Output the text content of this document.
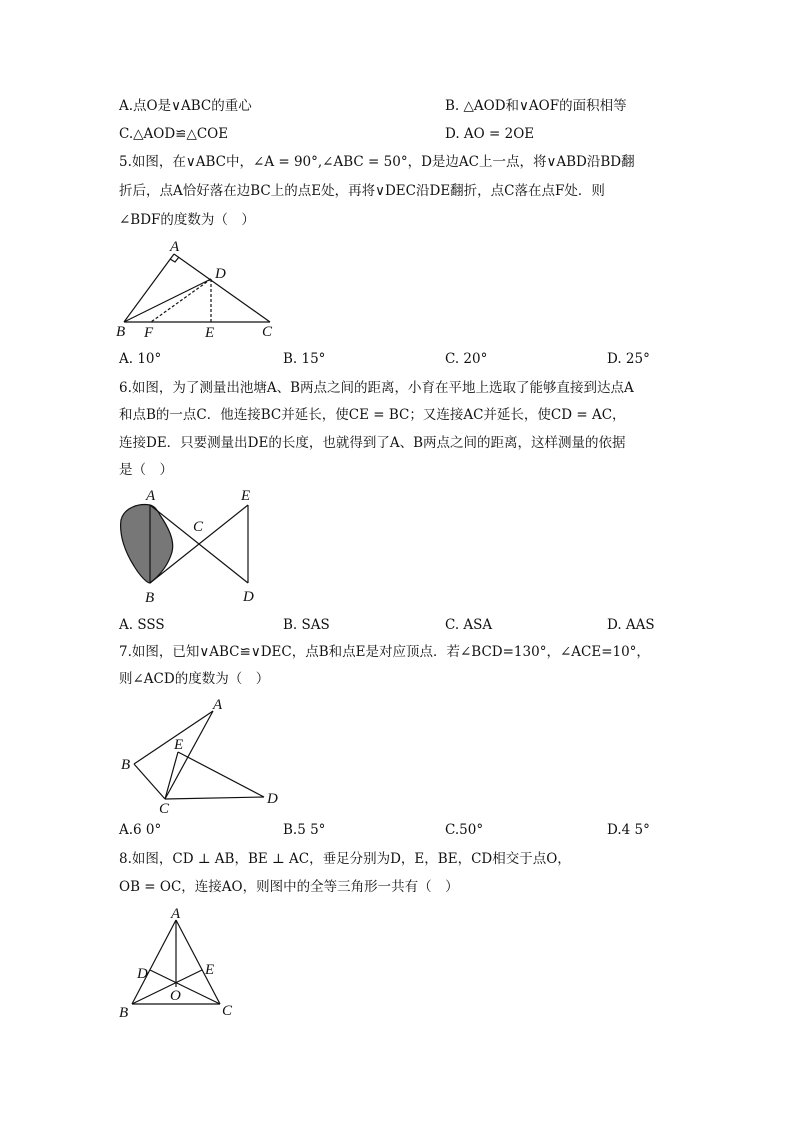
A.点O是∨ABC的重心	B. △AOD和∨AOF的面积相等
C.△AOD≌△COE	D. AO = 2OE
5.如图，在∨ABC中，∠A = 90°,∠ABC = 50°，D是边AC上一点，将∨ABD沿BD翻
折后，点A恰好落在边BC上的点E处，再将∨DEC沿DE翻折，点C落在点F处．则
∠BDF的度数为（　）
A
B	C
D
E
F
A. 10°	B. 15°	C. 20°	D. 25°
6.如图，为了测量出池塘A、B两点之间的距离，小育在平地上选取了能够直接到达点A
和点B的一点C．他连接BC并延长，使CE = BC；又连接AC并延长，使CD = AC，
连接DE．只要测量出DE的长度，也就得到了A、B两点之间的距离，这样测量的依据
是（　）
A
B
C
D
E
A. SSS	B. SAS	C. ASA	D. AAS
7.如图，已知∨ABC≌∨DEC，点B和点E是对应顶点．若∠BCD=130°，∠ACE=10°，
则∠ACD的度数为（　）
A
B
C
D
E
A.6 0°	B.5 5°	C.50°	D.4 5°
8.如图，CD ⊥ AB，BE ⊥ AC，垂足分别为D，E，BE，CD相交于点O，
OB = OC，连接AO，则图中的全等三角形一共有（　）
A
B	C
D	E
O
